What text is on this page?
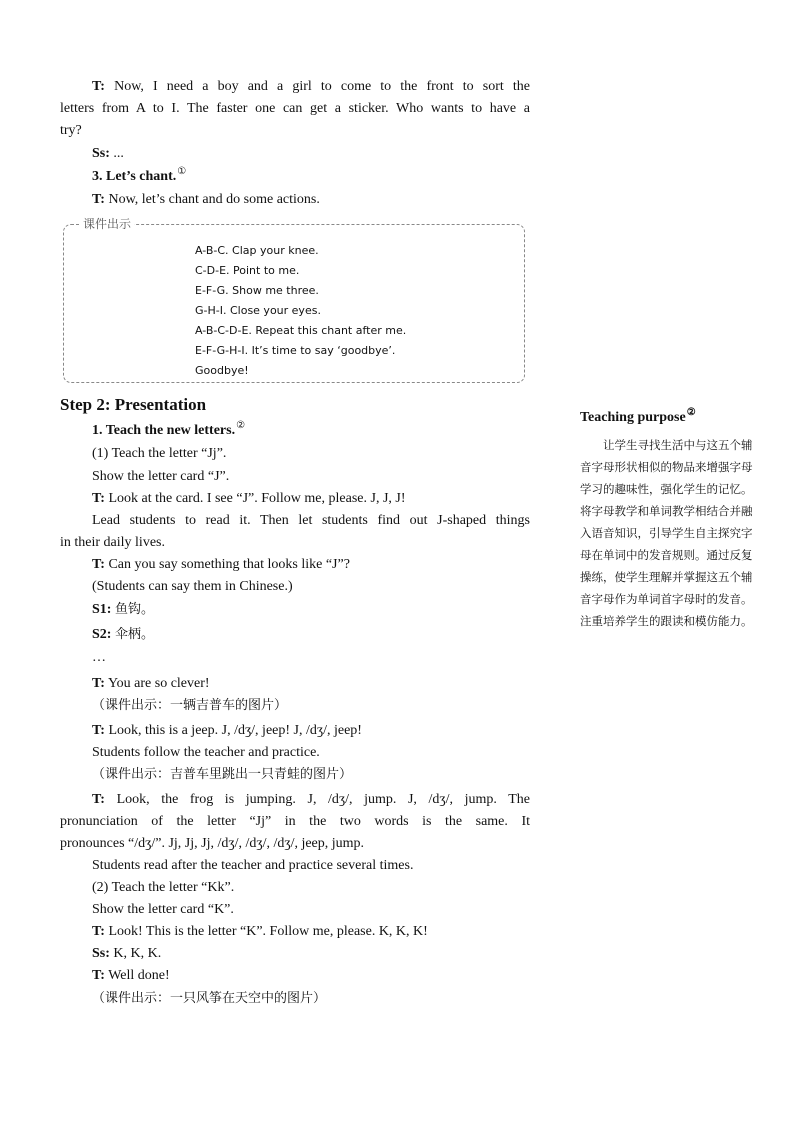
T: Now, I need a boy and a girl to come to the front to sort the
letters from A to I. The faster one can get a sticker. Who wants to have a
try?
Ss: ...
3. Let’s chant.①
T: Now, let’s chant and do some actions.
课件出示
A-B-C. Clap your knee.
C-D-E. Point to me.
E-F-G. Show me three.
G-H-I. Close your eyes.
A-B-C-D-E. Repeat this chant after me.
E-F-G-H-I. It’s time to say ‘goodbye’.
Goodbye!
Step 2: Presentation
1. Teach the new letters.②
(1) Teach the letter “Jj”.
Show the letter card “J”.
T: Look at the card. I see “J”. Follow me, please. J, J, J!
Lead students to read it. Then let students find out J-shaped things
in their daily lives.
T: Can you say something that looks like “J”?
(Students can say them in Chinese.)
S1: 鱼钩。
S2: 伞柄。
…
T: You are so clever!
（课件出示：一辆吉普车的图片）
T: Look, this is a jeep. J, /dʒ/, jeep! J, /dʒ/, jeep!
Students follow the teacher and practice.
（课件出示：吉普车里跳出一只青蛙的图片）
T: Look, the frog is jumping. J, /dʒ/, jump. J, /dʒ/, jump. The
pronunciation of the letter “Jj” in the two words is the same. It
pronounces “/dʒ/”. Jj, Jj, Jj, /dʒ/, /dʒ/, /dʒ/, jeep, jump.
Students read after the teacher and practice several times.
(2) Teach the letter “Kk”.
Show the letter card “K”.
T: Look! This is the letter “K”. Follow me, please. K, K, K!
Ss: K, K, K.
T: Well done!
（课件出示：一只风筝在天空中的图片）
Teaching purpose②
让学生寻找生活中与这五个辅音字母形状相似的物品来增强字母学习的趣味性，强化学生的记忆。将字母教学和单词教学相结合并融入语音知识，引导学生自主探究字母在单词中的发音规则。通过反复操练，使学生理解并掌握这五个辅音字母作为单词首字母时的发音。注重培养学生的跟读和模仿能力。
